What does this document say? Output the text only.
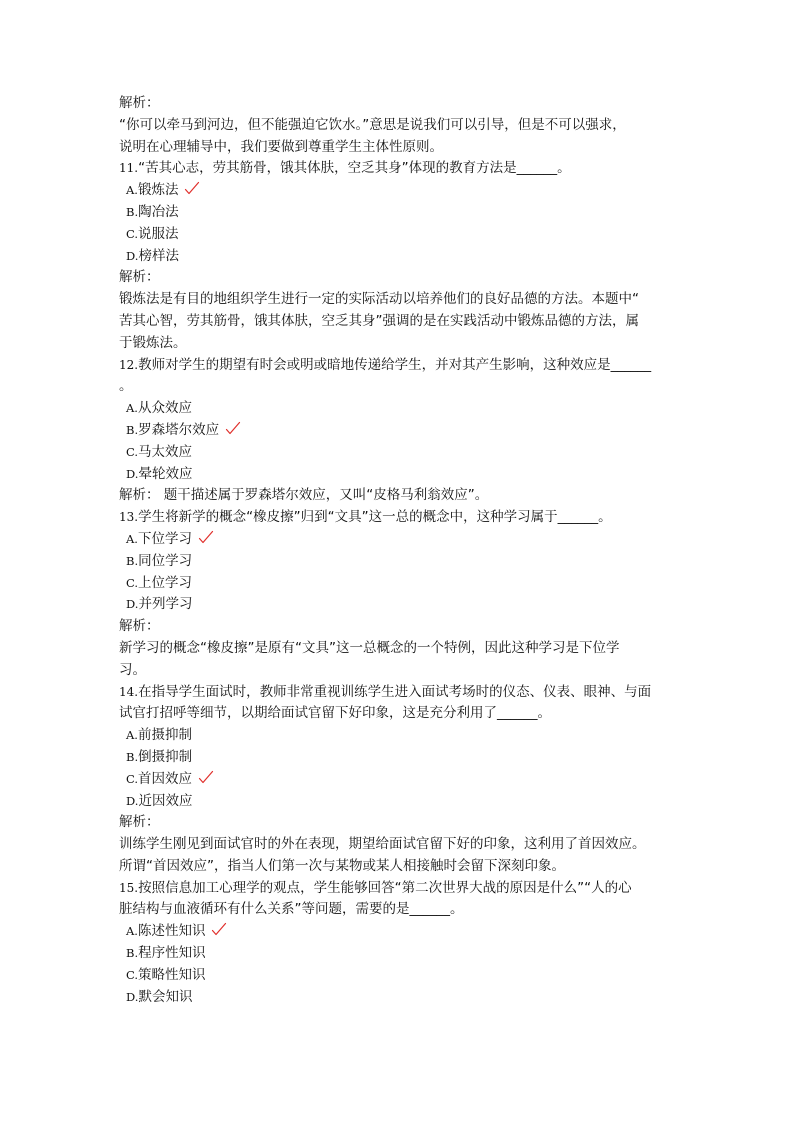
解析：
“你可以牵马到河边，但不能强迫它饮水。”意思是说我们可以引导，但是不可以强求，
说明在心理辅导中，我们要做到尊重学生主体性原则。
11.“苦其心志，劳其筋骨，饿其体肤，空乏其身”体现的教育方法是______。
A.锻炼法
B.陶冶法
C.说服法
D.榜样法
解析：
锻炼法是有目的地组织学生进行一定的实际活动以培养他们的良好品德的方法。本题中“
苦其心智，劳其筋骨，饿其体肤，空乏其身”强调的是在实践活动中锻炼品德的方法，属
于锻炼法。
12.教师对学生的期望有时会或明或暗地传递给学生，并对其产生影响，这种效应是______
。
A.从众效应
B.罗森塔尔效应
C.马太效应
D.晕轮效应
解析： 题干描述属于罗森塔尔效应，又叫“皮格马利翁效应”。
13.学生将新学的概念“橡皮擦”归到“文具”这一总的概念中，这种学习属于______。
A.下位学习
B.同位学习
C.上位学习
D.并列学习
解析：
新学习的概念“橡皮擦”是原有“文具”这一总概念的一个特例，因此这种学习是下位学
习。
14.在指导学生面试时，教师非常重视训练学生进入面试考场时的仪态、仪表、眼神、与面
试官打招呼等细节，以期给面试官留下好印象，这是充分利用了______。
A.前摄抑制
B.倒摄抑制
C.首因效应
D.近因效应
解析：
训练学生刚见到面试官时的外在表现，期望给面试官留下好的印象，这利用了首因效应。
所谓“首因效应”，指当人们第一次与某物或某人相接触时会留下深刻印象。
15.按照信息加工心理学的观点，学生能够回答“第二次世界大战的原因是什么”“人的心
脏结构与血液循环有什么关系”等问题，需要的是______。
A.陈述性知识
B.程序性知识
C.策略性知识
D.默会知识
